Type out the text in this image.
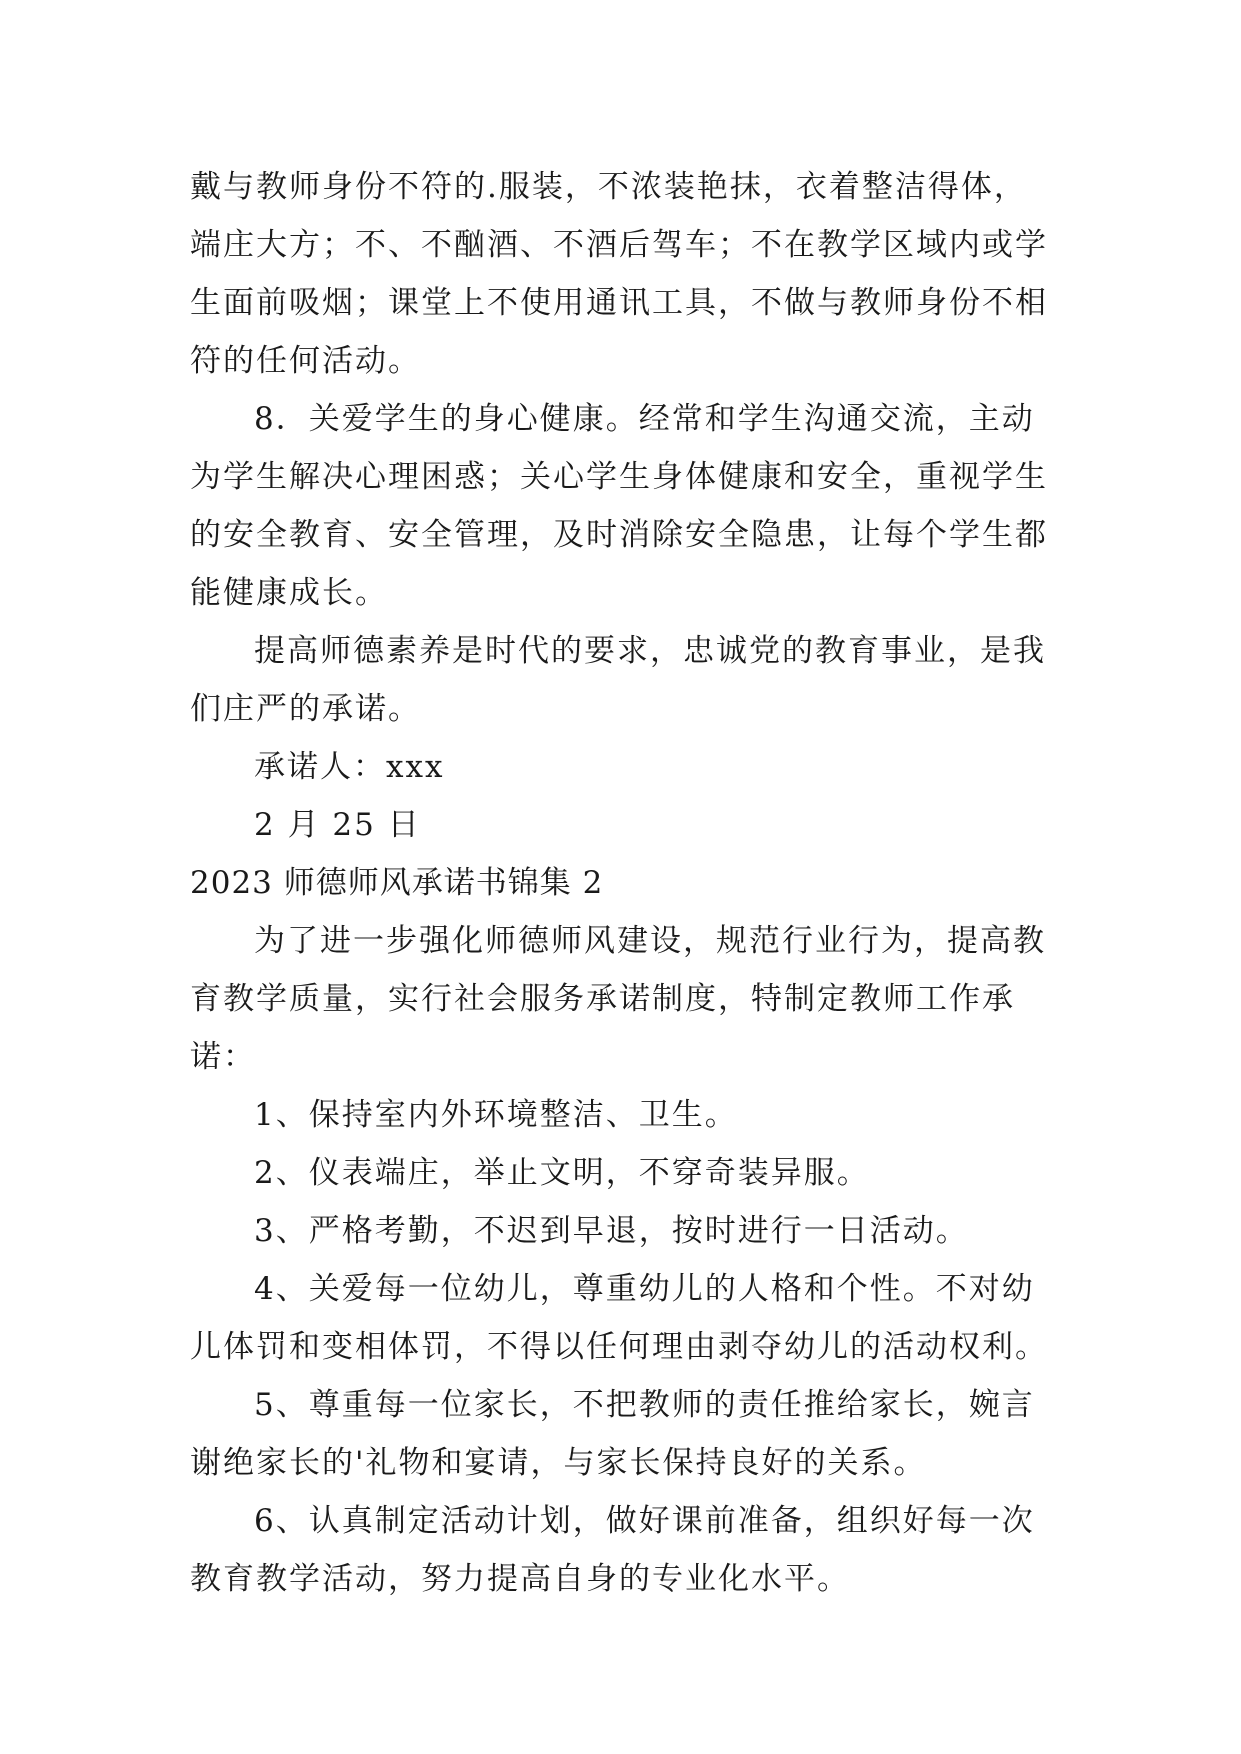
戴与教师身份不符的.服装，不浓装艳抹，衣着整洁得体，
端庄大方；不、不酗酒、不酒后驾车；不在教学区域内或学
生面前吸烟；课堂上不使用通讯工具，不做与教师身份不相
符的任何活动。

8．关爱学生的身心健康。经常和学生沟通交流，主动
为学生解决心理困惑；关心学生身体健康和安全，重视学生
的安全教育、安全管理，及时消除安全隐患，让每个学生都
能健康成长。

提高师德素养是时代的要求，忠诚党的教育事业，是我
们庄严的承诺。

承诺人：xxx

2 月 25 日

2023 师德师风承诺书锦集 2

为了进一步强化师德师风建设，规范行业行为，提高教
育教学质量，实行社会服务承诺制度，特制定教师工作承诺：

1、保持室内外环境整洁、卫生。

2、仪表端庄，举止文明，不穿奇装异服。

3、严格考勤，不迟到早退，按时进行一日活动。

4、关爱每一位幼儿，尊重幼儿的人格和个性。不对幼
儿体罚和变相体罚，不得以任何理由剥夺幼儿的活动权利。

5、尊重每一位家长，不把教师的责任推给家长，婉言
谢绝家长的'礼物和宴请，与家长保持良好的关系。

6、认真制定活动计划，做好课前准备，组织好每一次
教育教学活动，努力提高自身的专业化水平。
